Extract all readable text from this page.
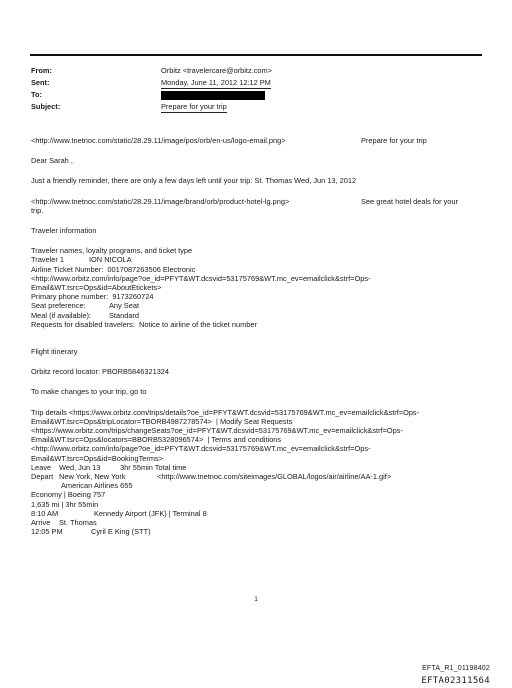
From:	Orbitz <travelercare@orbitz.com>
Sent:	Monday, June 11, 2012 12:12 PM
To:
Subject:	Prepare for your trip
<http://www.tnetnoc.com/static/28.29.11/image/pos/orb/en-us/logo-email.png>	Prepare for your trip

Dear Sarah ,

Just a friendly reminder, there are only a few days left until your trip: St. Thomas Wed, Jun 13, 2012

<http://www.tnetnoc.com/static/28.29.11/image/brand/orb/product-hotel-lg.png>	See great hotel deals for your

trip.

Traveler information

Traveler names, loyalty programs, and ticket type

Traveler 1	ION NICOLA

Airline Ticket Number:  0017087263506 Electronic

<http://www.orbitz.com/info/page?oe_id=PFYT&WT.dcsvid=53175769&WT.mc_ev=emailclick&strf=Ops-

Email&WT.tsrc=Ops&id=AboutEtickets>

Primary phone number:  9173260724

Seat preference:	Any Seat
Meal (if available): Standard

Requests for disabled travelers:  Notice to airline of the ticket number

Flight itinerary

Orbitz record locator: PBORB5846321324

To make changes to your trip, go to

Trip details <https://www.orbitz.com/trips/details?oe_id=PFYT&WT.dcsvid=53175769&WT.mc_ev=emailclick&strf=Ops-

Email&WT.tsrc=Ops&tripLocator=TBORB4987278574>  | Modify Seat Requests

<https://www.orbitz.com/trips/changeSeats?oe_id=PFYT&WT.dcsvid=53175769&WT.mc_ev=emailclick&strf=Ops-

Email&WT.tsrc=Ops&locators=BBORB5328096574>  | Terms and conditions

<http://www.orbitz.com/info/page?oe_id=PFYT&WT.dcsvid=53175769&WT.mc_ev=emailclick&strf=Ops-

Email&WT.tsrc=Ops&id=BookingTerms>

Leave Wed, Jun 13	3hr 55min Total time
Depart New York, New York	<http://www.tnetnoc.com/siteimages/GLOBAL/logos/air/airline/AA-1.gif>
American Airlines 655

Economy | Boeing 757

1,635 mi | 3hr 55min

8:10 AM	Kennedy Airport (JFK) | Terminal 8
Arrive St. Thomas
12:05 PM	Cyril E King (STT)
1
EFTA_R1_01198402
EFTA02311564
